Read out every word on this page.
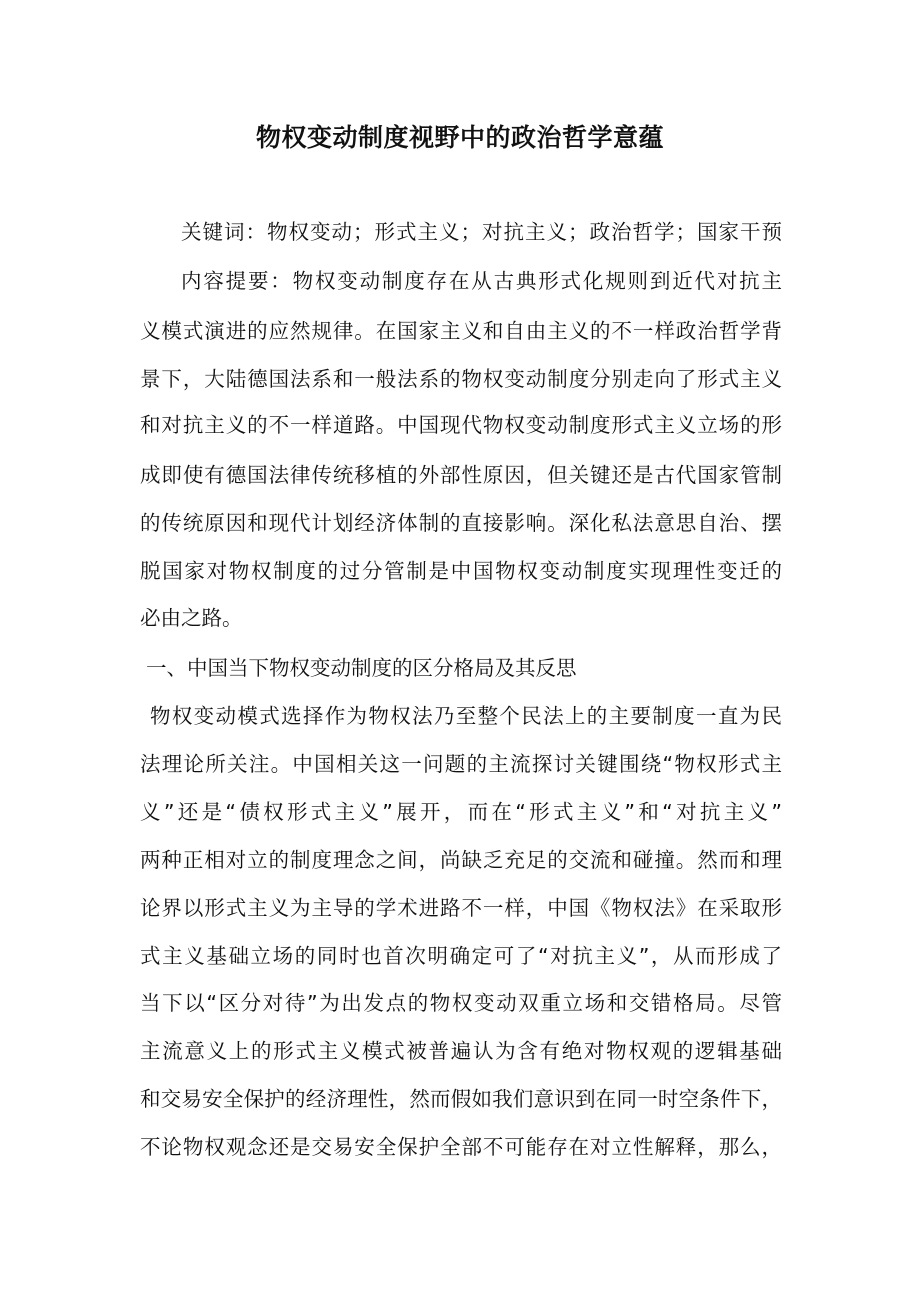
物权变动制度视野中的政治哲学意蕴
关键词：物权变动；形式主义；对抗主义；政治哲学；国家干预
内容提要：物权变动制度存在从古典形式化规则到近代对抗主
义模式演进的应然规律。在国家主义和自由主义的不一样政治哲学背
景下，大陆德国法系和一般法系的物权变动制度分别走向了形式主义
和对抗主义的不一样道路。中国现代物权变动制度形式主义立场的形
成即使有德国法律传统移植的外部性原因，但关键还是古代国家管制
的传统原因和现代计划经济体制的直接影响。深化私法意思自治、摆
脱国家对物权制度的过分管制是中国物权变动制度实现理性变迁的
必由之路。
一、中国当下物权变动制度的区分格局及其反思
物权变动模式选择作为物权法乃至整个民法上的主要制度一直为民
法理论所关注。中国相关这一问题的主流探讨关键围绕“物权形式主
义”还是“债权形式主义”展开，而在“形式主义”和“对抗主义”
两种正相对立的制度理念之间，尚缺乏充足的交流和碰撞。然而和理
论界以形式主义为主导的学术进路不一样，中国《物权法》在采取形
式主义基础立场的同时也首次明确定可了“对抗主义”，从而形成了
当下以“区分对待”为出发点的物权变动双重立场和交错格局。尽管
主流意义上的形式主义模式被普遍认为含有绝对物权观的逻辑基础
和交易安全保护的经济理性，然而假如我们意识到在同一时空条件下，
不论物权观念还是交易安全保护全部不可能存在对立性解释，那么，
